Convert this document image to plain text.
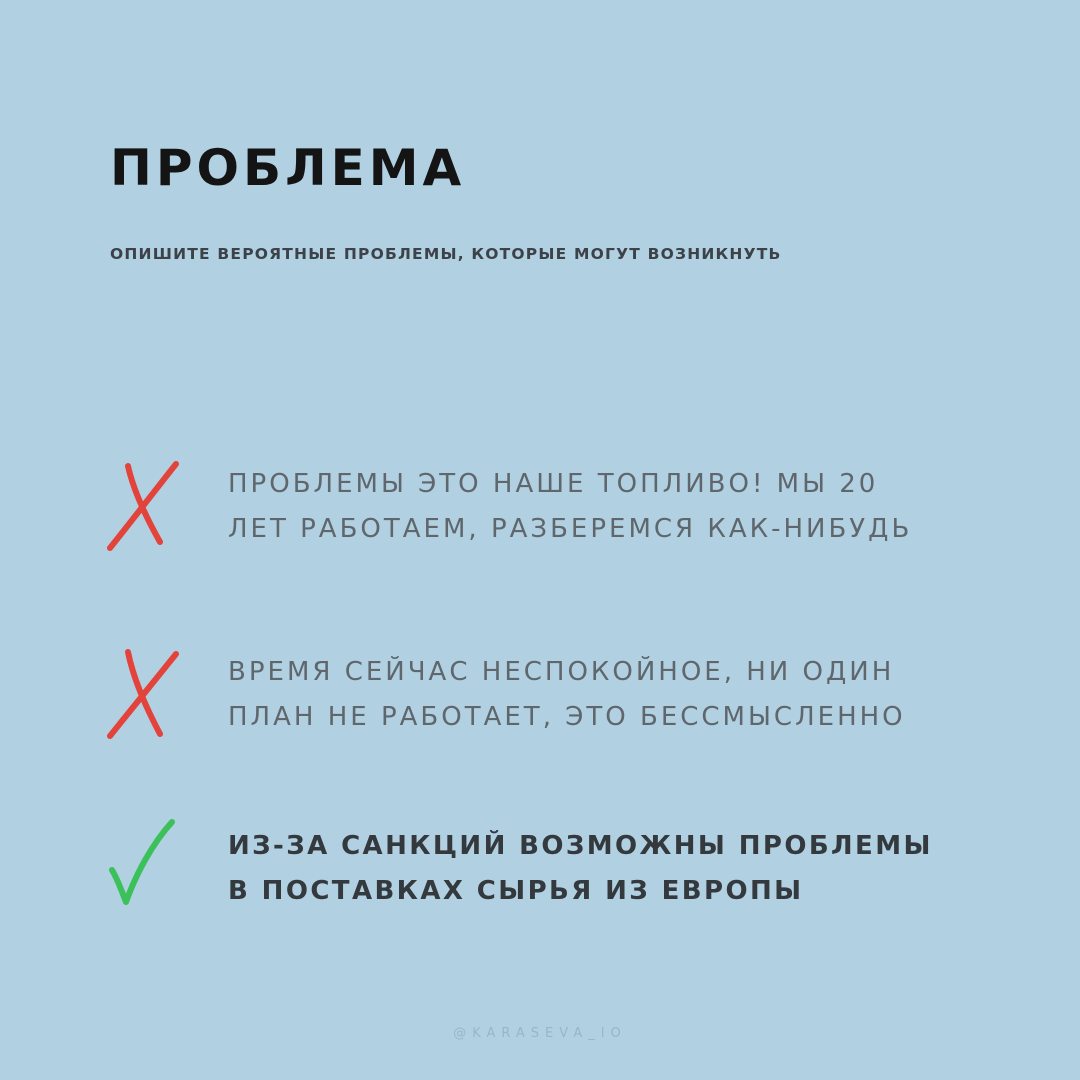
ПРОБЛЕМА

ОПИШИТЕ ВЕРОЯТНЫЕ ПРОБЛЕМЫ, КОТОРЫЕ МОГУТ ВОЗНИКНУТЬ

ПРОБЛЕМЫ ЭТО НАШЕ ТОПЛИВО! МЫ 20
ЛЕТ РАБОТАЕМ, РАЗБЕРЕМСЯ КАК-НИБУДЬ

ВРЕМЯ СЕЙЧАС НЕСПОКОЙНОЕ, НИ ОДИН
ПЛАН НЕ РАБОТАЕТ, ЭТО БЕССМЫСЛЕННО

ИЗ-ЗА САНКЦИЙ ВОЗМОЖНЫ ПРОБЛЕМЫ
В ПОСТАВКАХ СЫРЬЯ ИЗ ЕВРОПЫ

@KARASEVA_IO
